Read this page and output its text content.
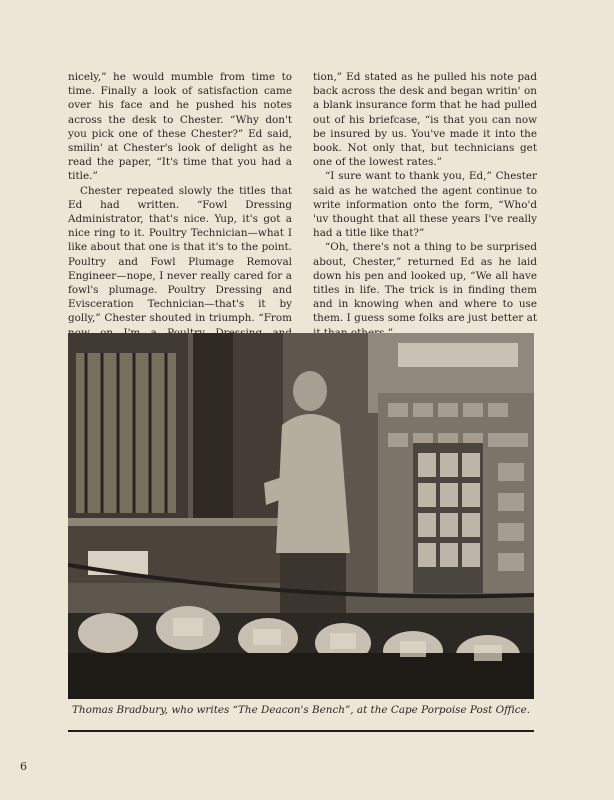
nicely,” he would mumble from time to time. Finally a look of satisfaction came over his face and he pushed his notes across the desk to Chester. “Why don't you pick one of these Chester?” Ed said, smilin' at Chester's look of delight as he read the paper, “It's time that you had a title.”

Chester repeated slowly the titles that Ed had written. “Fowl Dressing Administrator, that's nice. Yup, it's got a nice ring to it. Poultry Technician—what I like about that one is that it's to the point. Poultry and Fowl Plumage Removal Engineer—nope, I never really cared for a fowl's plumage. Poultry Dressing and Evisceration Technician—that's it by golly,” Chester shouted in triumph. “From

tion,” Ed stated as he pulled his note pad back across the desk and began writin' on a blank insurance form that he had pulled out of his briefcase, “is that you can now be insured by us. You've made it into the book. Not only that, but technicians get one of the lowest rates.”

“I sure want to thank you, Ed,” Chester said as he watched the agent continue to write information onto the form, “Who'd 'uv thought that all these years I've really had a title like that?”

“Oh, there's not a thing to be surprised about, Chester,” returned Ed as he laid down his pen and looked up, “We all have titles in life. The trick is in finding them and in knowing when and where to use them. I guess some folks are just better at

Thomas Bradbury, who writes “The Deacon's Bench”, at the Cape Porpoise Post Office.
6
